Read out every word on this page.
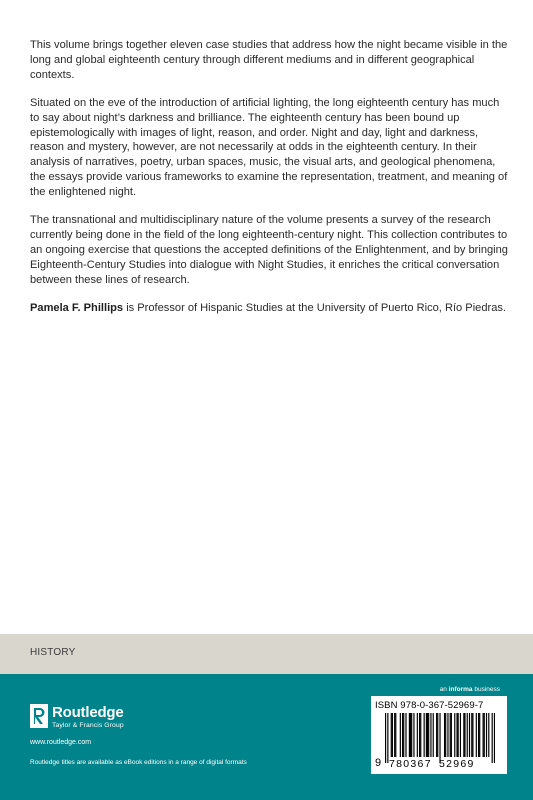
This volume brings together eleven case studies that address how the night became visible in the long and global eighteenth century through different mediums and in different geographical contexts.

Situated on the eve of the introduction of artificial lighting, the long eighteenth century has much to say about night’s darkness and brilliance. The eighteenth century has been bound up epistemologically with images of light, reason, and order. Night and day, light and darkness, reason and mystery, however, are not necessarily at odds in the eighteenth century. In their analysis of narratives, poetry, urban spaces, music, the visual arts, and geological phenomena, the essays provide various frameworks to examine the representation, treatment, and meaning of the enlightened night.

The transnational and multidisciplinary nature of the volume presents a survey of the research currently being done in the field of the long eighteenth-century night. This collection contributes to an ongoing exercise that questions the accepted definitions of the Enlightenment, and by bringing Eighteenth-Century Studies into dialogue with Night Studies, it enriches the critical conversation between these lines of research.

Pamela F. Phillips is Professor of Hispanic Studies at the University of Puerto Rico, Río Piedras.

HISTORY
Routledge
Taylor & Francis Group
www.routledge.com
Routledge titles are available as eBook editions in a range of digital formats
an informa business
ISBN 978-0-367-52969-7
9 780367 52969
